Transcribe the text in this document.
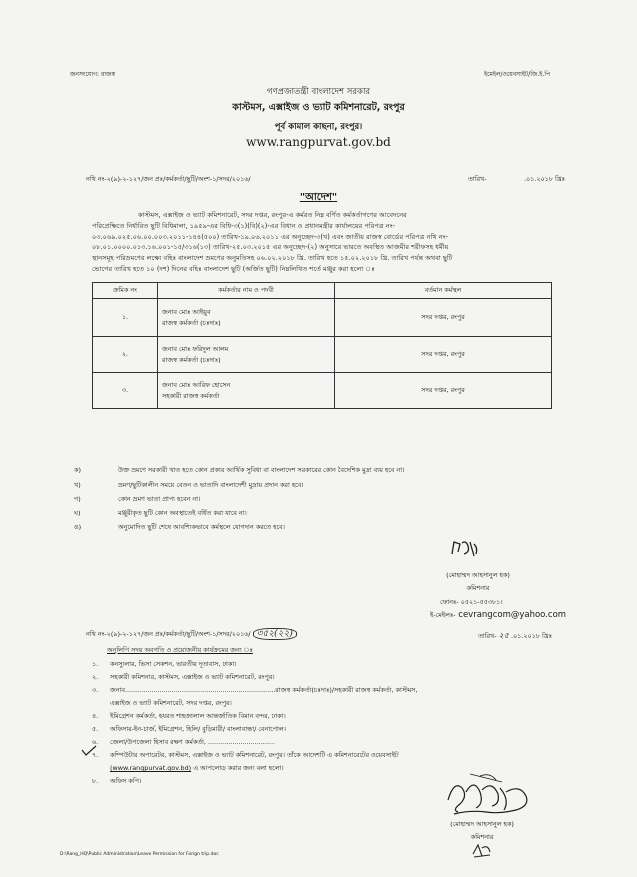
জনসংযোগ: রাজস্ব	ইমেইল/ওয়েবসাইট/জি.ই.পি
গণপ্রজাতন্ত্রী বাংলাদেশ সরকার
কাস্টমস, এক্সাইজ ও ভ্যাট কমিশনারেট, রংপুর
পূর্ব কামাল কাছনা, রংপুর।
www.rangpurvat.gov.bd
নথি নং-২(৯)-২-১২৭/জন প্রঃ/কর্মকর্তা/ছুটি/অংশ-১/সদর/২০১৬/	তারিখ-	.০১.২০১৮ খ্রিঃ
"আদেশ"
কাস্টমস, এক্সাইজ ও ভ্যাট কমিশনারেট, সদর দপ্তর, রংপুর-এ কর্মরত নিম্ন বর্ণিত কর্মকর্তাগণের আবেদনের
পরিপ্রেক্ষিতে নির্ধারিত ছুটি বিধিমালা, ১৯৫৯-এর বিধি-৩(১)(বি)(২)-এর বিধান ও প্রধানমন্ত্রীর কার্যালয়ের পরিপত্র নং-
০৩.০৬৯.০২৫.০৬.০০.০০৩.২০১১-১৪৪(৫০০) তারিখ-১৯.০৬.২০১১ এর অনুচ্ছেদ-৩(খ) এবং জাতীয় রাজস্ব বোর্ডের পরিপত্র নথি নং-
০৮.০১.০০০০.০১৩.১৬.০০১-১৫/৩১৬(১৩) তারিখ-২৫.০৩.২০১৫ এর অনুচ্ছেদ-(২) অনুসারে ভারতে অবস্থিত আজমীর শরীফসহ ধর্মীয়
স্থানসমূহ পরিভ্রমণের লক্ষ্যে বহিঃ বাংলাদেশ ভ্রমণের অনুমতিসহ ০৬.০২.২০১৮ খ্রি. তারিখ হতে ১৫.০২.২০১৮ খ্রি. তারিখ পর্যন্ত অথবা ছুটি
ভোগের তারিখ হতে ১০ (দশ) দিনের বহিঃ বাংলাদেশ ছুটি (অর্জিত ছুটি) নিম্নলিখিত শর্তে মঞ্জুর করা হলো ঃ
ক্রমিক নং	কর্মকর্তার নাম ও পদবী	বর্তমান কর্মস্থল
১.	জনাব মোঃ আইয়ুব
রাজস্ব কর্মকর্তা (চঃদাঃ)	সদর দপ্তর, রংপুর
২.	জনাব মোঃ ফরিদুল আলম
রাজস্ব কর্মকর্তা (চঃদাঃ)	সদর দপ্তর, রংপুর
৩.	জনাব মোঃ আরিফ হোসেন
সহকারী রাজস্ব কর্মকর্তা	সদর দপ্তর, রংপুর
ক)	উক্ত ভ্রমণে সরকারী খাত হতে কোন প্রকার আর্থিক সুবিধা বা বাংলাদেশ সরকারের কোন বৈদেশিক মুদ্রা ব্যয় হবে না।
খ)	ভ্রমণ/ছুটিকালীন সময়ে বেতন ও ভাতাদি বাংলাদেশী মুদ্রায় প্রদান করা হবে।
গ)	কোন ভ্রমণ ভাতা প্রাপ্য হবেন না।
ঘ)	মঞ্জুরীকৃত ছুটি কোন অবস্থাতেই বর্ধিত করা যাবে না।
ঙ)	অনুমোদিত ছুটি শেষে আবশ্যিকভাবে কর্মস্থলে যোগদান করতে হবে।
(মোহাম্মদ আহসানুল হক)
কমিশনার
ফোনঃ- ০৫২১-৫৫৩৮১।
ই-মেইলঃ- cevrangcom@yahoo.com
নথি নং-২(৯)-২-১২৭/জন প্রঃ/কর্মকর্তা/ছুটি/অংশ-১/সদর/২০১৬/ ৩৫২(২২)	তারিখ- ২৫ .০১.২০১৮ খ্রিঃ
অনুলিপি সদয় অবগতি ও প্রয়োজনীয় কার্যক্রমের জন্য ঃ
১. কনস্যুলার, ভিসা সেকশন, ভারতীয় দূতাবাস, ঢাকা।
২. সহকারী কমিশনার, কাস্টমস, এক্সাইজ ও ভ্যাট কমিশনারেট, রংপুর।
৩. জনাব..........................................................................রাজস্ব কর্মকর্তা(চঃদাঃ)/সহকারী রাজস্ব কর্মকর্তা, কাস্টমস,
এক্সাইজ ও ভ্যাট কমিশনারেট, সদর দপ্তর, রংপুর।
৪. ইমিগ্রেশন কর্মকর্তা, হযরত শাহজালাল আন্তর্জাতিক বিমান বন্দর, ঢাকা।
৫. অফিসার-ইন-চার্জ, ইমিগ্রেশন, হিলি/ বুড়িমারী/ বাংলাবান্ধা/ বেনাপোল।
৬. জেলা/উপজেলা হিসাব রক্ষণ কর্মকর্তা, .................................
৭. কম্পিউটার অপারেটর, কাস্টমস, এক্সাইজ ও ভ্যাট কমিশনারেট, রংপুর। তাঁকে আদেশটি এ কমিশনারেটের ওয়েবসাইট
(www.rangpurvat.gov.bd) এ আপলোড করার জন্য বলা হলো।
৮. অফিস কপি।
(মোহাম্মদ আহসানুল হক)
কমিশনার
D:\Rang_HQ\Public Administration\Leave Permission for Forign trip.doc
